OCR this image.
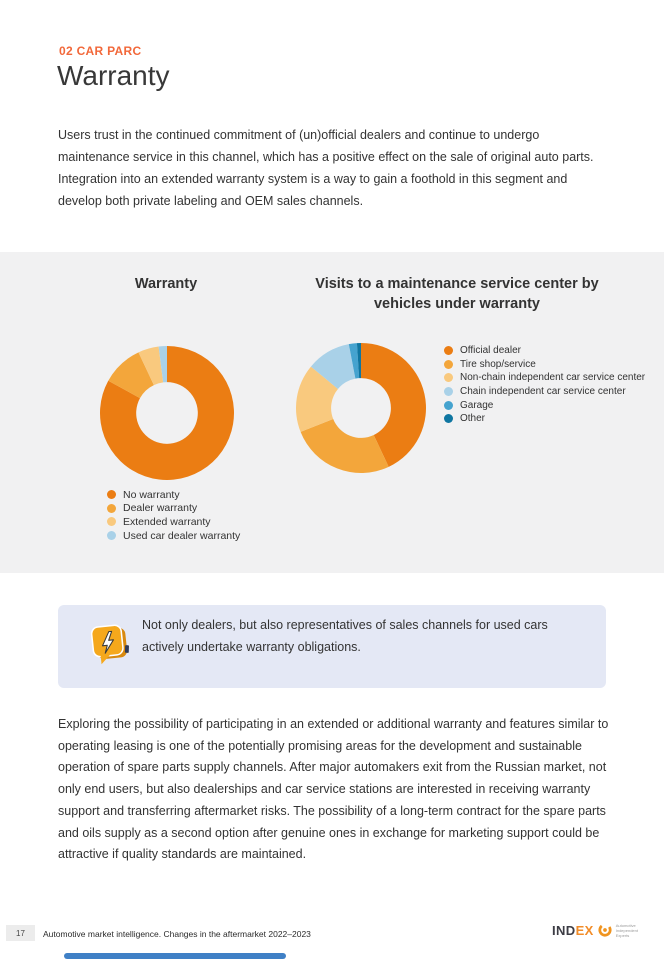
02 CAR PARC
Warranty

Users trust in the continued commitment of (un)official dealers and continue to undergo maintenance service in this channel, which has a positive effect on the sale of original auto parts. Integration into an extended warranty system is a way to gain a foothold in this segment and develop both private labeling and OEM sales channels.

Warranty	Visits to a maintenance service center by vehicles under warranty
No warranty
Dealer warranty
Extended warranty
Used car dealer warranty
Official dealer
Tire shop/service
Non-chain independent car service center
Chain independent car service center
Garage
Other

Not only dealers, but also representatives of sales channels for used cars actively undertake warranty obligations.

Exploring the possibility of participating in an extended or additional warranty and features similar to operating leasing is one of the potentially promising areas for the development and sustainable operation of spare parts supply channels. After major automakers exit from the Russian market, not only end users, but also dealerships and car service stations are interested in receiving warranty support and transferring aftermarket risks. The possibility of a long-term contract for the spare parts and oils supply as a second option after genuine ones in exchange for marketing support could be attractive if quality standards are maintained.

17	Automotive market intelligence. Changes in the aftermarket 2022–2023	INDEX	Automotive
Independent
Experts
